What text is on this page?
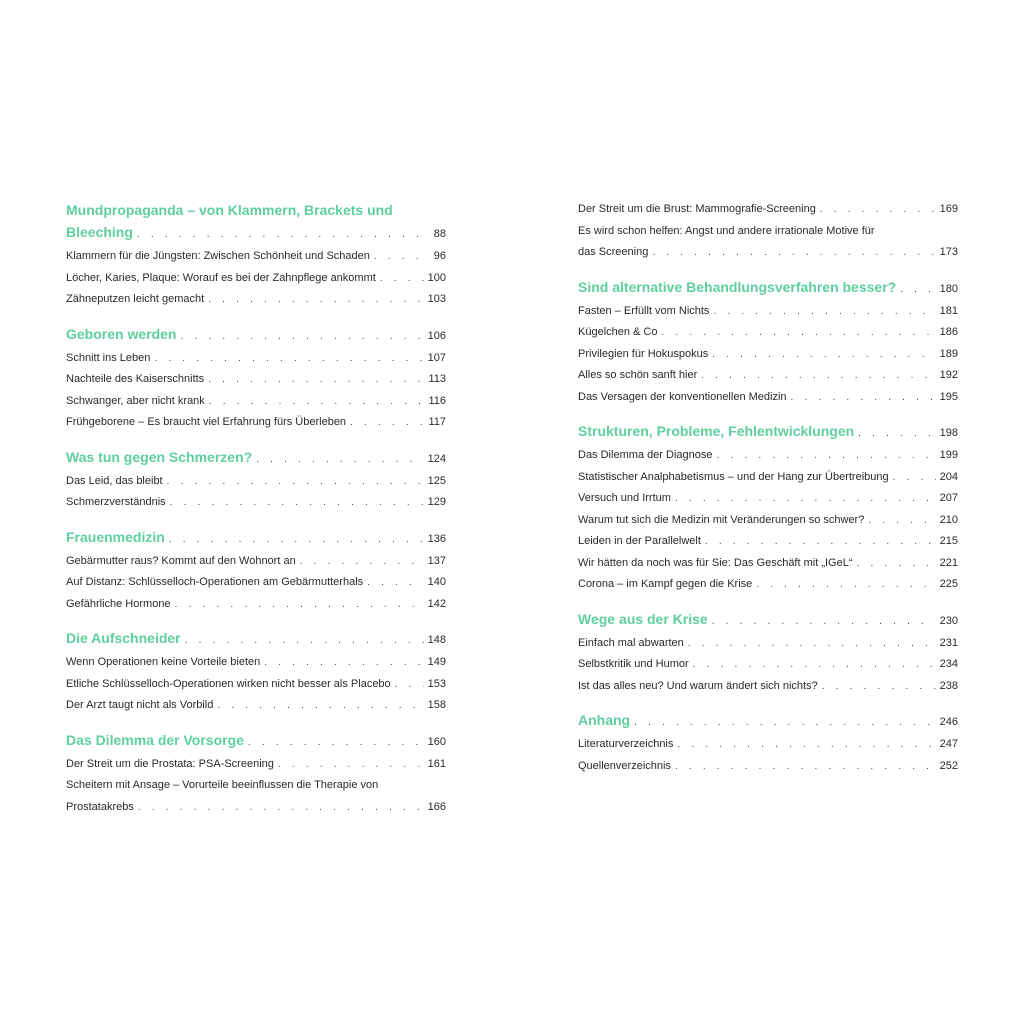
Mundpropaganda – von Klammern, Brackets und
Bleeching . . .	88
Klammern für die Jüngsten: Zwischen Schönheit und Schaden . . .	96
Löcher, Karies, Plaque: Worauf es bei der Zahnpflege ankommt . . .	100
Zähneputzen leicht gemacht . . .	103
Geboren werden . . .	106
Schnitt ins Leben . . .	107
Nachteile des Kaiserschnitts . . .	113
Schwanger, aber nicht krank . . .	116
Frühgeborene – Es braucht viel Erfahrung fürs Überleben . . .	117
Was tun gegen Schmerzen? . . .	124
Das Leid, das bleibt . . .	125
Schmerzverständnis . . .	129
Frauenmedizin . . .	136
Gebärmutter raus? Kommt auf den Wohnort an . . .	137
Auf Distanz: Schlüsselloch-Operationen am Gebärmutterhals . . .	140
Gefährliche Hormone . . .	142
Die Aufschneider . . .	148
Wenn Operationen keine Vorteile bieten . . .	149
Etliche Schlüsselloch-Operationen wirken nicht besser als Placebo . . .	153
Der Arzt taugt nicht als Vorbild . . .	158
Das Dilemma der Vorsorge . . .	160
Der Streit um die Prostata: PSA-Screening . . .	161
Scheitern mit Ansage – Vorurteile beeinflussen die Therapie von
Prostatakrebs . . .	166
Der Streit um die Brust: Mammografie-Screening . . .	169
Es wird schon helfen: Angst und andere irrationale Motive für
das Screening . . .	173
Sind alternative Behandlungsverfahren besser? . . .	180
Fasten – Erfüllt vom Nichts . . .	181
Kügelchen & Co . . .	186
Privilegien für Hokuspokus . . .	189
Alles so schön sanft hier . . .	192
Das Versagen der konventionellen Medizin . . .	195
Strukturen, Probleme, Fehlentwicklungen . . .	198
Das Dilemma der Diagnose . . .	199
Statistischer Analphabetismus – und der Hang zur Übertreibung . . .	204
Versuch und Irrtum . . .	207
Warum tut sich die Medizin mit Veränderungen so schwer? . . .	210
Leiden in der Parallelwelt . . .	215
Wir hätten da noch was für Sie: Das Geschäft mit „IGeL“ . . .	221
Corona – im Kampf gegen die Krise . . .	225
Wege aus der Krise . . .	230
Einfach mal abwarten . . .	231
Selbstkritik und Humor . . .	234
Ist das alles neu? Und warum ändert sich nichts? . . .	238
Anhang . . .	246
Literaturverzeichnis . . .	247
Quellenverzeichnis . . .	252
